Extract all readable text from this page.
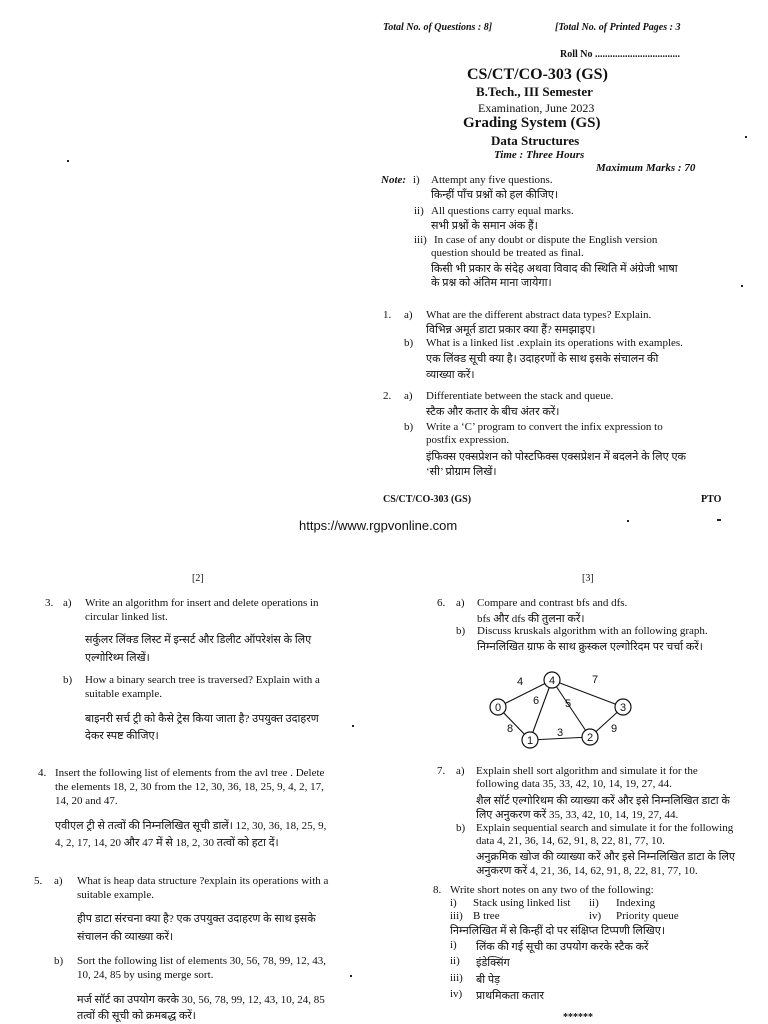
Total No. of Questions : 8]	[Total No. of Printed Pages : 3
Roll No ..................................
CS/CT/CO-303 (GS)
B.Tech., III Semester
Examination, June 2023
Grading System (GS)
Data Structures
Time : Three Hours
Maximum Marks : 70
Note: i) Attempt any five questions.
किन्हीं पाँच प्रश्नों को हल कीजिए।
ii) All questions carry equal marks.
सभी प्रश्नों के समान अंक हैं।
iii) In case of any doubt or dispute the English version
question should be treated as final.
किसी भी प्रकार के संदेह अथवा विवाद की स्थिति में अंग्रेजी भाषा
के प्रश्न को अंतिम माना जायेगा।
1. a) What are the different abstract data types? Explain.
विभिन्न अमूर्त डाटा प्रकार क्या हैं? समझाइए।
b) What is a linked list .explain its operations with examples.
एक लिंक्ड सूची क्या है। उदाहरणों के साथ इसके संचालन की
व्याख्या करें।
2. a) Differentiate between the stack and queue.
स्टैक और कतार के बीच अंतर करें।
b) Write a ‘C’ program to convert the infix expression to
postfix expression.
इंफिक्स एक्सप्रेशन को पोस्टफिक्स एक्सप्रेशन में बदलने के लिए एक
‘सी’ प्रोग्राम लिखें।
CS/CT/CO-303 (GS)	PTO
https://www.rgpvonline.com
[2]
3. a) Write an algorithm for insert and delete operations in
circular linked list.
सर्कुलर लिंक्ड लिस्ट में इन्सर्ट और डिलीट ऑपरेशंस के लिए
एल्गोरिथ्म लिखें।
b) How a binary search tree is traversed? Explain with a
suitable example.
बाइनरी सर्च ट्री को कैसे ट्रेस किया जाता है? उपयुक्त उदाहरण
देकर स्पष्ट कीजिए।
4. Insert the following list of elements from the avl tree . Delete
the elements 18, 2, 30 from the 12, 30, 36, 18, 25, 9, 4, 2, 17,
14, 20 and 47.
एवीएल ट्री से तत्वों की निम्नलिखित सूची डालें। 12, 30, 36, 18, 25, 9,
4, 2, 17, 14, 20 और 47 में से 18, 2, 30 तत्वों को हटा दें।
5. a) What is heap data structure ?explain its operations with a
suitable example.
हीप डाटा संरचना क्या है? एक उपयुक्त उदाहरण के साथ इसके
संचालन की व्याख्या करें।
b) Sort the following list of elements 30, 56, 78, 99, 12, 43,
10, 24, 85 by using merge sort.
मर्ज सॉर्ट का उपयोग करके 30, 56, 78, 99, 12, 43, 10, 24, 85
तत्वों की सूची को क्रमबद्ध करें।
[3]
6. a) Compare and contrast bfs and dfs.
bfs और dfs की तुलना करें।
b) Discuss kruskals algorithm with an following graph.
निम्नलिखित ग्राफ के साथ क्रुस्कल एल्गोरिदम पर चर्चा करें।
0
1	2
3
4
4
6 5
7
8	3	9
7. a) Explain shell sort algorithm and simulate it for the
following data 35, 33, 42, 10, 14, 19, 27, 44.
शैल सॉर्ट एल्गोरिथम की व्याख्या करें और इसे निम्नलिखित डाटा के
लिए अनुकरण करें 35, 33, 42, 10, 14, 19, 27, 44.
b) Explain sequential search and simulate it for the following
data 4, 21, 36, 14, 62, 91, 8, 22, 81, 77, 10.
अनुक्रमिक खोज की व्याख्या करें और इसे निम्नलिखित डाटा के लिए
अनुकरण करें 4, 21, 36, 14, 62, 91, 8, 22, 81, 77, 10.
8. Write short notes on any two of the following:
i) Stack using linked list ii) Indexing
iii) B tree	iv) Priority queue
निम्नलिखित में से किन्हीं दो पर संक्षिप्त टिप्पणी लिखिए।
i) लिंक की गई सूची का उपयोग करके स्टैक करें
ii) इंडेक्सिंग
iii) बी पेड़
iv) प्राथमिकता कतार
******
